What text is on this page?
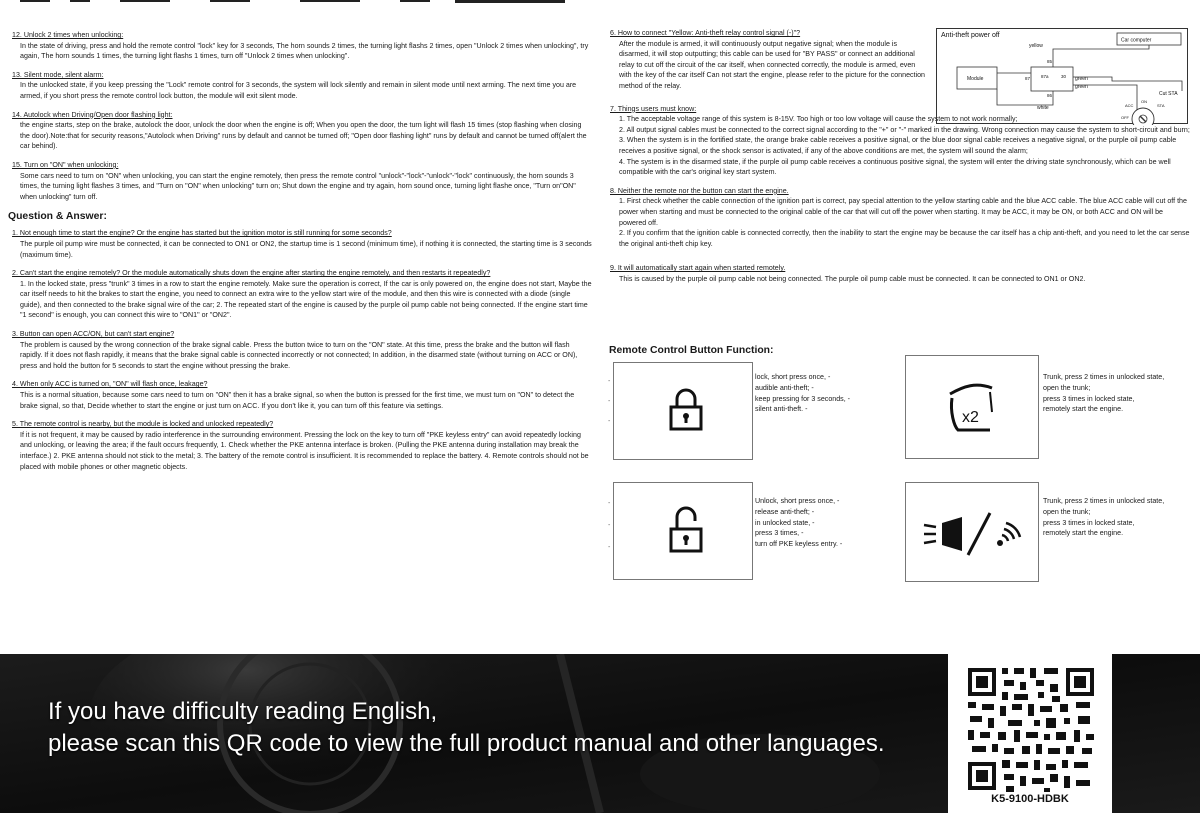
12. Unlock 2 times when unlocking:
In the state of driving, press and hold the remote control "lock" key for 3 seconds, The horn sounds 2 times, the turning light flashs 2 times, open "Unlock 2 times when unlocking", try again, The horn sounds 1 times, the turning light flashs 1 times, turn off "Unlock 2 times when unlocking".
13. Silent mode, silent alarm:
In the unlocked state, if you keep pressing the "Lock" remote control for 3 seconds, the system will lock silently and remain in silent mode until next arming. The next time you are armed, if you short press the remote control lock button, the module will exit silent mode.
14. Autolock when Driving/Open door flashing light:
the engine starts, step on the brake, autolock the door, unlock the door when the engine is off; When you open the door, the turn light will flash 15 times (stop flashing when closing the door).Note:that for security reasons,"Autolock when Driving" runs by default and cannot be turned off; "Open door flashing light" runs by default and cannot be turned off(alert the car behind).
15. Turn on "ON" when unlocking:
Some cars need to turn on "ON" when unlocking, you can start the engine remotely, then press the remote control "unlock"-"lock"-"unlock"-"lock" continuously, the horn sounds 3 times, the turning light flashes 3 times, and "Turn on "ON" when unlocking" turn on; Shut down the engine and try again, horn sound once, turning light flashe once, "Turn on"ON" when unlocking" turn off.
Question & Answer:
1. Not enough time to start the engine? Or the engine has started but the ignition motor is still running for some seconds?
The purple oil pump wire must be connected, it can be connected to ON1 or ON2, the startup time is 1 second (minimum time), if nothing it is connected, the starting time is 3 seconds (maximum time).
2. Can't start the engine remotely? Or the module automatically shuts down the engine after starting the engine remotely, and then restarts it repeatedly?
1. In the locked state, press "trunk" 3 times in a row to start the engine remotely. Make sure the operation is correct, If the car is only powered on, the engine does not start, Maybe the car itself needs to hit the brakes to start the engine, you need to connect an extra wire to the yellow start wire of the module, and then this wire is connected with a diode (single guide), and then connected to the brake signal wire of the car; 2. The repeated start of the engine is caused by the purple oil pump cable not being connected. If the engine start time "1 second" is enough, you can connect this wire to "ON1" or "ON2".
3. Button can open ACC/ON, but can't start engine?
The problem is caused by the wrong connection of the brake signal cable. Press the button twice to turn on the "ON" state. At this time, press the brake and the button will flash rapidly. If it does not flash rapidly, it means that the brake signal cable is connected incorrectly or not connected; In addition, in the disarmed state (without turning on ACC or ON), press and hold the button for 5 seconds to start the engine without pressing the brake.
4. When only ACC is turned on, "ON" will flash once, leakage?
This is a normal situation, because some cars need to turn on "ON" then it has a brake signal, so when the button is pressed for the first time, we must turn on "ON" to detect the brake signal, so that, Decide whether to start the engine or just turn on ACC. If you don't like it, you can turn off this feature via settings.
5. The remote control is nearby, but the module is locked and unlocked repeatedly?
If it is not frequent, it may be caused by radio interference in the surrounding environment. Pressing the lock on the key to turn off "PKE keyless entry" can avoid repeatedly locking and unlocking, or leaving the area; if the fault occurs frequently, 1. Check whether the PKE antenna interface is broken. (Pulling the PKE antenna during installation may break the interface.) 2. PKE antenna should not stick to the metal; 3. The battery of the remote control is insufficient. It is recommended to replace the battery. 4. Remote controls should not be placed with mobile phones or other magnetic objects.
6. How to connect "Yellow: Anti-theft relay control signal (-)"?
After the module is armed, it will continuously output negative signal; when the module is disarmed, it will stop outputting; this cable can be used for "BY PASS" or connect an additional relay to cut off the circuit of the car itself, when connected correctly, the module is armed, even with the key of the car itself Can not start the engine, please refer to the picture for the connection method of the relay.
7. Things users must know:
1. The acceptable voltage range of this system is 8-15V. Too high or too low voltage will cause the system to not work normally;
2. All output signal cables must be connected to the correct signal according to the "+" or "-" marked in the drawing. Wrong connection may cause the system to short-circuit and burn;
3. When the system is in the fortified state, the orange brake cable receives a positive signal, or the blue door signal cable receives a negative signal, or the purple oil pump cable receives a positive signal, or the shock sensor is activated, if any of the above conditions are met, the system will sound the alarm;
4. The system is in the disarmed state, if the purple oil pump cable receives a continuous positive signal, the system will enter the driving state synchronously, which can be well compatible with the car's original key start system.
8. Neither the remote nor the button can start the engine.
1. First check whether the cable connection of the ignition part is correct, pay special attention to the yellow starting cable and the blue ACC cable. The blue ACC cable will cut off the power when starting and must be connected to the original cable of the car that will cut off the power when starting. It may be ACC, it may be ON, or both ACC and ON will be powered off.
2. If you confirm that the ignition cable is connected correctly, then the inability to start the engine may be because the car itself has a chip anti-theft, and you need to let the car sense the original anti-theft chip key.
9. It will automatically start again when started remotely.
This is caused by the purple oil pump cable not being connected. The purple oil pump cable must be connected. It can be connected to ON1 or ON2.
Anti-theft power off
Car computer
Module
85
86
87 87a	30
yellow
white
green
green
Cut STA
ACC
ON
OFF
STA
Remote Control Button Function:
lock, short press once, -
audible anti-theft; -
keep pressing for 3 seconds, -
silent anti-theft. -	x2
Trunk, press 2 times in unlocked state,
open the trunk;
press 3 times in locked state,
remotely start the engine.
Unlock, short press once, -
release anti-theft; -
in unlocked state, -
press 3 times, -
turn off PKE keyless entry. -
Trunk, press 2 times in unlocked state,
open the trunk;
press 3 times in locked state,
remotely start the engine.
If you have difficulty reading English,
please scan this QR code to view the full product manual and other languages.
K5-9100-HDBK
-
-
-
-
-
-
